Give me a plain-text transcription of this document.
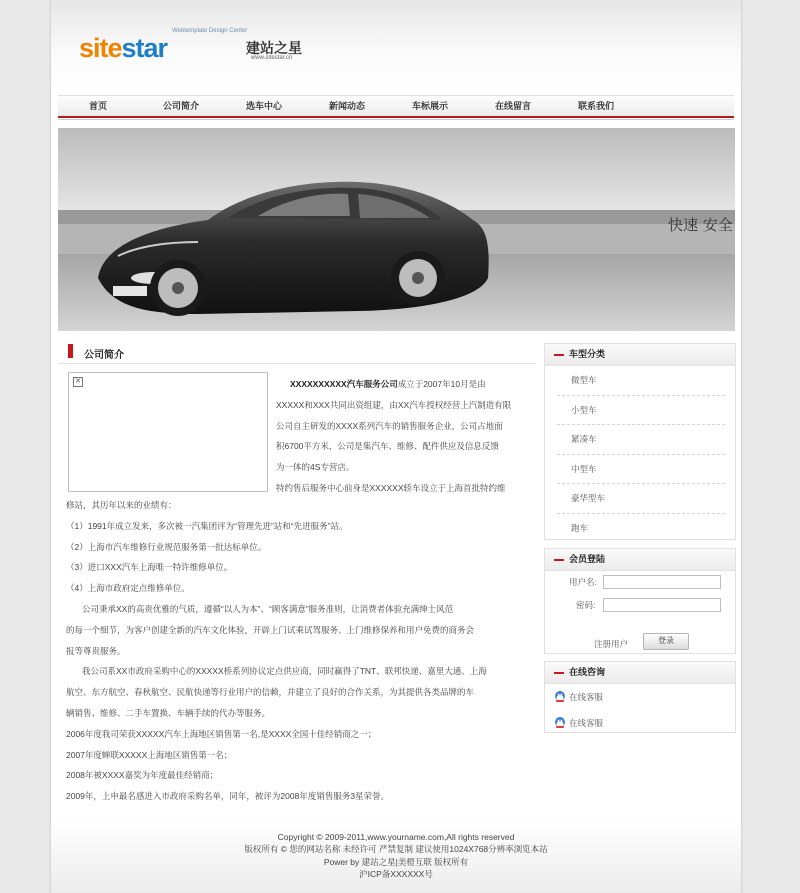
Webtemplate Design Center
sitestar	建站之星
www.sitestar.cn
首页	公司简介	选车中心	新闻动态	车标展示	在线留言	联系我们
快速 安全
公司简介
✕	XXXXXXXXXX汽车服务公司成立于2007年10月是由
XXXXX和XXX共同出资组建，由XX汽车授权经营上汽制造有限
公司自主研发的XXXX系列汽车的销售服务企业，公司占地面
积6700平方米，公司是集汽车、维修、配件供应及信息反馈
为一体的4S专营店。
特约售后服务中心前身是XXXXXX轿车设立于上海首批特约维
修站，其历年以来的业绩有：
（1）1991年成立发来，多次被一汽集团评为“管理先进”站和“先进服务”站。
（2）上海市汽车维修行业规范服务第一批达标单位。
（3）进口XXX汽车上海唯一特许维修单位。
（4）上海市政府定点维修单位。
公司秉承XX的高贵优雅的气质，遵循“以人为本”、“顾客满意”服务准则，让消费者体验充满绅士风范
的每一个细节，为客户创建全新的汽车文化体验，开辟上门试乘试驾服务、上门维修保养和用户免费的商务会
报等尊贵服务。
我公司系XX市政府采购中心的XXXXX桥系列协议定点供应商，同时赢得了TNT、联邦快递、嘉里大通、上海
航空、东方航空、春秋航空、民航快递等行业用户的信赖，并建立了良好的合作关系，为其提供各类品牌的车
辆销售、维修、二手车置换、车辆手续的代办等服务。
2006年度我司荣获XXXXX汽车上海地区销售第一名,是XXXX全国十佳经销商之一；
2007年度蝉联XXXXX上海地区销售第一名；
2008年被XXXX嘉奖为年度最佳经销商；
2009年，上申最名感进入市政府采购名单，同年，被评为2008年度销售服务3星荣誉。
车型分类
微型车
小型车
紧凑车
中型车
豪华型车
跑车
会员登陆
用户名:
密码:
注册用户	登录
在线咨询
在线客服
在线客服
Copyright © 2009-2011,www.yourname.com,All rights reserved
版权所有 © 您的网站名称 未经许可 严禁复制 建议使用1024X768分辨率浏览本站
Power by 建站之星|美橙互联 版权所有
沪ICP备XXXXXX号
